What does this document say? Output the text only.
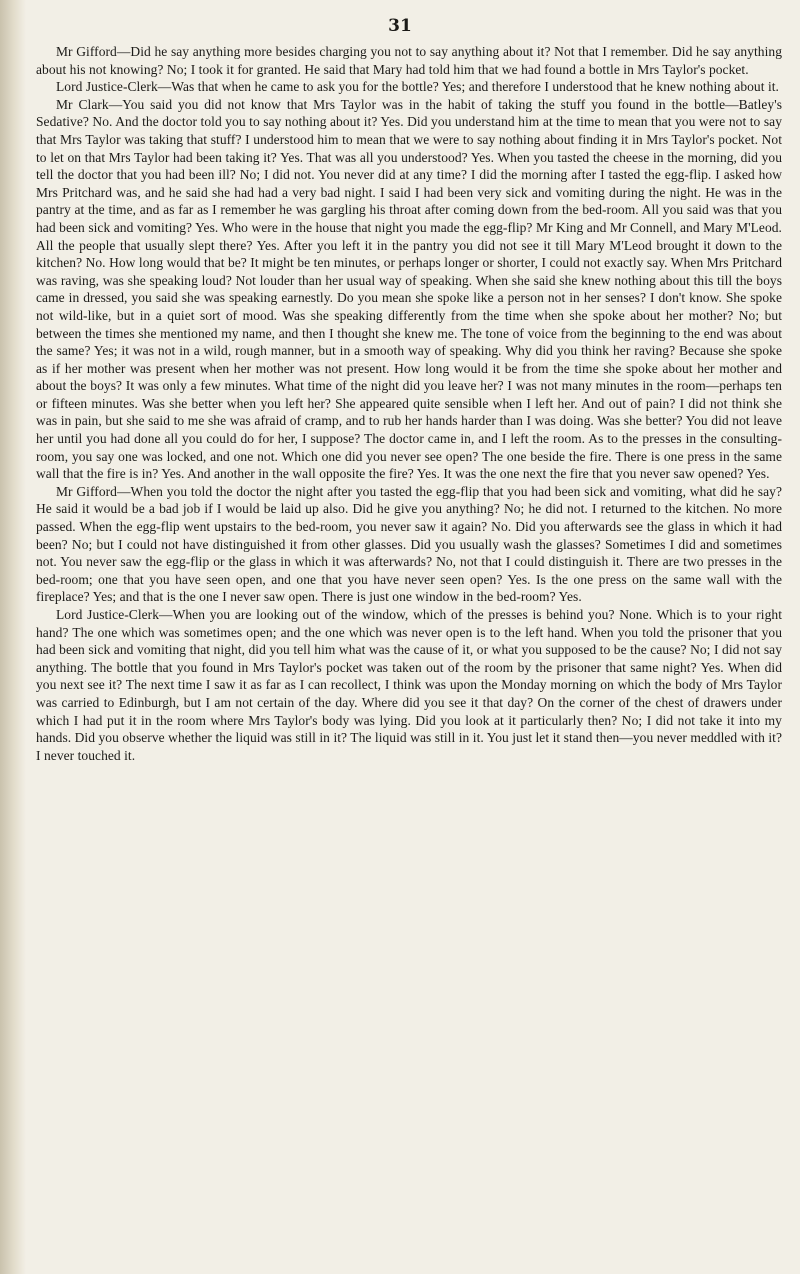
31

Mr Gifford—Did he say anything more besides charging you not to say anything about it? Not that I remember. Did he say anything about his not knowing? No; I took it for granted. He said that Mary had told him that we had found a bottle in Mrs Taylor's pocket.

Lord Justice-Clerk—Was that when he came to ask you for the bottle? Yes; and therefore I understood that he knew nothing about it.

Mr Clark—You said you did not know that Mrs Taylor was in the habit of taking the stuff you found in the bottle—Batley's Sedative? No. And the doctor told you to say nothing about it? Yes. Did you understand him at the time to mean that you were not to say that Mrs Taylor was taking that stuff? I understood him to mean that we were to say nothing about finding it in Mrs Taylor's pocket. Not to let on that Mrs Taylor had been taking it? Yes. That was all you understood? Yes. When you tasted the cheese in the morning, did you tell the doctor that you had been ill? No; I did not. You never did at any time? I did the morning after I tasted the egg-flip. I asked how Mrs Pritchard was, and he said she had had a very bad night. I said I had been very sick and vomiting during the night. He was in the pantry at the time, and as far as I remember he was gargling his throat after coming down from the bed-room. All you said was that you had been sick and vomiting? Yes. Who were in the house that night you made the egg-flip? Mr King and Mr Connell, and Mary M'Leod. All the people that usually slept there? Yes. After you left it in the pantry you did not see it till Mary M'Leod brought it down to the kitchen? No. How long would that be? It might be ten minutes, or perhaps longer or shorter, I could not exactly say. When Mrs Pritchard was raving, was she speaking loud? Not louder than her usual way of speaking. When she said she knew nothing about this till the boys came in dressed, you said she was speaking earnestly. Do you mean she spoke like a person not in her senses? I don't know. She spoke not wild-like, but in a quiet sort of mood. Was she speaking differently from the time when she spoke about her mother? No; but between the times she mentioned my name, and then I thought she knew me. The tone of voice from the beginning to the end was about the same? Yes; it was not in a wild, rough manner, but in a smooth way of speaking. Why did you think her raving? Because she spoke as if her mother was present when her mother was not present. How long would it be from the time she spoke about her mother and about the boys? It was only a few minutes. What time of the night did you leave her? I was not many minutes in the room—perhaps ten or fifteen minutes. Was she better when you left her? She appeared quite sensible when I left her. And out of pain? I did not think she was in pain, but she said to me she was afraid of cramp, and to rub her hands harder than I was doing. Was she better? You did not leave her until you had done all you could do for her, I suppose? The doctor came in, and I left the room. As to the presses in the consulting-room, you say one was locked, and one not. Which one did you never see open? The one beside the fire. There is one press in the same wall that the fire is in? Yes. And another in the wall opposite the fire? Yes. It was the one next the fire that you never saw opened? Yes.

Mr Gifford—When you told the doctor the night after you tasted the egg-flip that you had been sick and vomiting, what did he say? He said it would be a bad job if I would be laid up also. Did he give you anything? No; he did not. I returned to the kitchen. No more passed. When the egg-flip went upstairs to the bed-room, you never saw it again? No. Did you afterwards see the glass in which it had been? No; but I could not have distinguished it from other glasses. Did you usually wash the glasses? Sometimes I did and sometimes not. You never saw the egg-flip or the glass in which it was afterwards? No, not that I could distinguish it. There are two presses in the bed-room; one that you have seen open, and one that you have never seen open? Yes. Is the one press on the same wall with the fireplace? Yes; and that is the one I never saw open. There is just one window in the bed-room? Yes.

Lord Justice-Clerk—When you are looking out of the window, which of the presses is behind you? None. Which is to your right hand? The one which was sometimes open; and the one which was never open is to the left hand. When you told the prisoner that you had been sick and vomiting that night, did you tell him what was the cause of it, or what you supposed to be the cause? No; I did not say anything. The bottle that you found in Mrs Taylor's pocket was taken out of the room by the prisoner that same night? Yes. When did you next see it? The next time I saw it as far as I can recollect, I think was upon the Monday morning on which the body of Mrs Taylor was carried to Edinburgh, but I am not certain of the day. Where did you see it that day? On the corner of the chest of drawers under which I had put it in the room where Mrs Taylor's body was lying. Did you look at it particularly then? No; I did not take it into my hands. Did you observe whether the liquid was still in it? The liquid was still in it. You just let it stand then—you never meddled with it? I never touched it.
